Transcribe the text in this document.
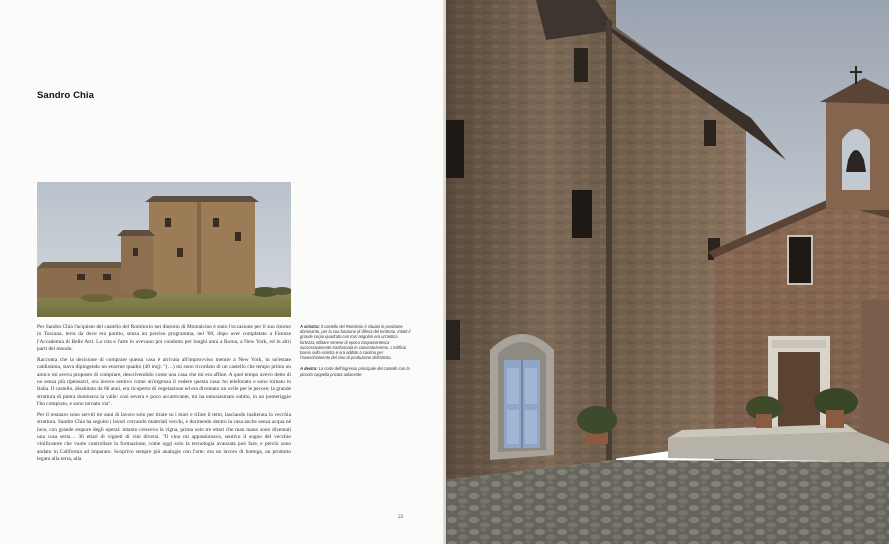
Sandro Chia

Per Sandro Chia l'acquisto del castello del Romitorio nei dintorni di Montalcino è stato l'occasione per il suo ritorno in Toscana, terra da dove era partito, senza un preciso programma, nel '68, dopo aver completato a Firenze l'Accademia di Belle Arti. La vita e l'arte lo avevano poi condotto per lunghi anni a Roma, a New York, ed in altri parti del mondo.

Racconta che la decisione di comprare questa casa è arrivata all'improvviso mentre a New York, in un'estate caldissima, stava dipingendo un enorme quadro (40 mq): "(…) mi sono ricordato di un castello che tempo prima un amico mi aveva proposto di comprare, descrivendolo come una casa che mi era affine. A quel tempo avevo detto di no senza più ripensarci, ora invece sentivo come un'urgenza il vedere questa casa: ho telefonato e sono tornato in Italia. Il castello, disabitato da 60 anni, era ricoperto di vegetazione ed era diventato un ovile per le pecore; la grande struttura di pietra dominava la valle: così severa e poco accattivante, mi ha entusiasmato subito, in un pomeriggio l'ho comprato, e sono tornato via".

Per il restauro sono serviti tre anni di lavoro solo per tirare su i muri e rifare il tetto, lasciando inalterata la vecchia struttura. Sandro Chia ha seguito i lavori cercando materiali vecchi, e dormendo dentro la casa anche senza acqua né luce, con grande stupore degli operai: intanto cresceva la vigna, prima solo tre ettari che man mano sono diventati una cosa seria… 36 ettari di vigneti di vini diversi. "Il vino mi appassionava, sentivo il sogno del vecchio vinificatore che vuole controllare la formazione, come oggi solo la tecnologia avanzata può fare, e perciò sono andato in California ad imparare. Scoprivo sempre più analogie con l'arte: era un lavoro di bottega, un prodotto legato alla terra, alla

A sinistra: Il castello del Romitorio è situato in posizione dominante, per la sua funzione di difesa del territorio. Infatti il grande corpo quadrato con torri angolari era un'antica fortezza militare senese di epoca cinquecentesca successivamente trasformata in convento/eremo. L'edificio basso sulla sinistra è ora adibito a cantina per l'invecchiamento del vino di produzione dell'artista.

A destra: La corte dell'ingresso principale del castello con la piccola cappella privata adiacente.

22
